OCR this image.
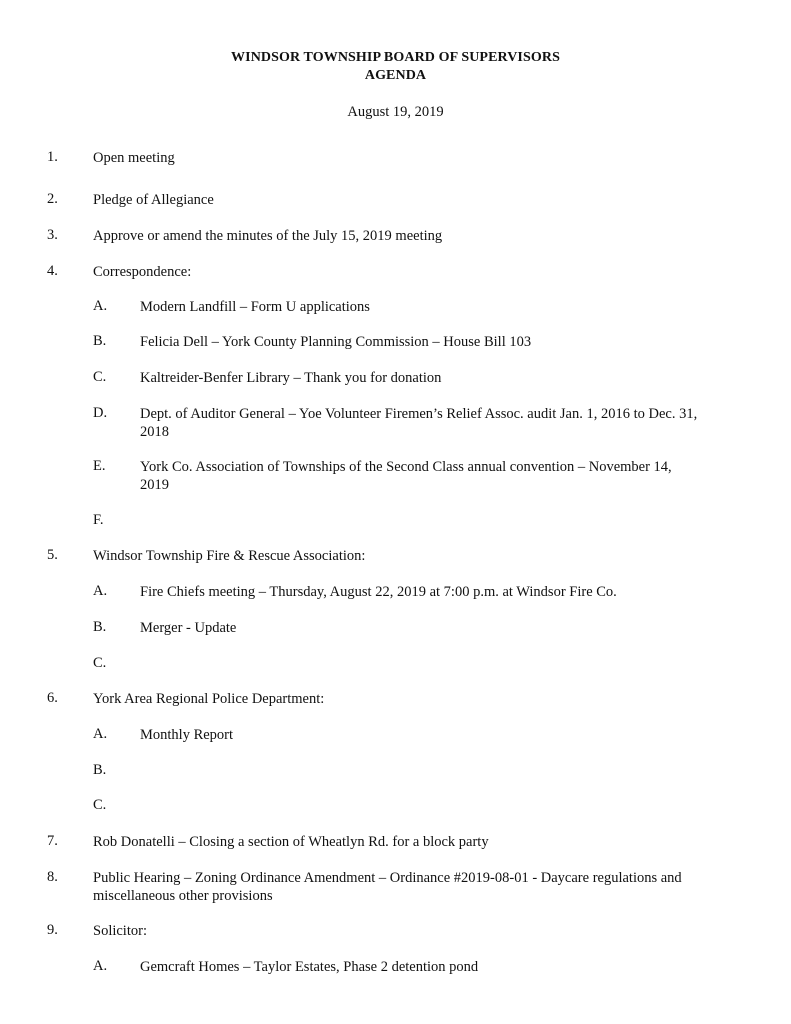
WINDSOR TOWNSHIP BOARD OF SUPERVISORS
AGENDA
August 19, 2019
1. Open meeting
2. Pledge of Allegiance
3. Approve or amend the minutes of the July 15, 2019 meeting
4. Correspondence:
A. Modern Landfill – Form U applications
B. Felicia Dell – York County Planning Commission – House Bill 103
C. Kaltreider-Benfer Library – Thank you for donation
D. Dept. of Auditor General – Yoe Volunteer Firemen’s Relief Assoc. audit Jan. 1, 2016 to Dec. 31, 2018
E. York Co. Association of Townships of the Second Class annual convention – November 14, 2019
F.
5. Windsor Township Fire & Rescue Association:
A. Fire Chiefs meeting – Thursday, August 22, 2019 at 7:00 p.m. at Windsor Fire Co.
B. Merger - Update
C.
6. York Area Regional Police Department:
A. Monthly Report
B.
C.
7. Rob Donatelli – Closing a section of Wheatlyn Rd. for a block party
8. Public Hearing – Zoning Ordinance Amendment – Ordinance #2019-08-01 - Daycare regulations and miscellaneous other provisions
9. Solicitor:
A. Gemcraft Homes – Taylor Estates, Phase 2 detention pond
